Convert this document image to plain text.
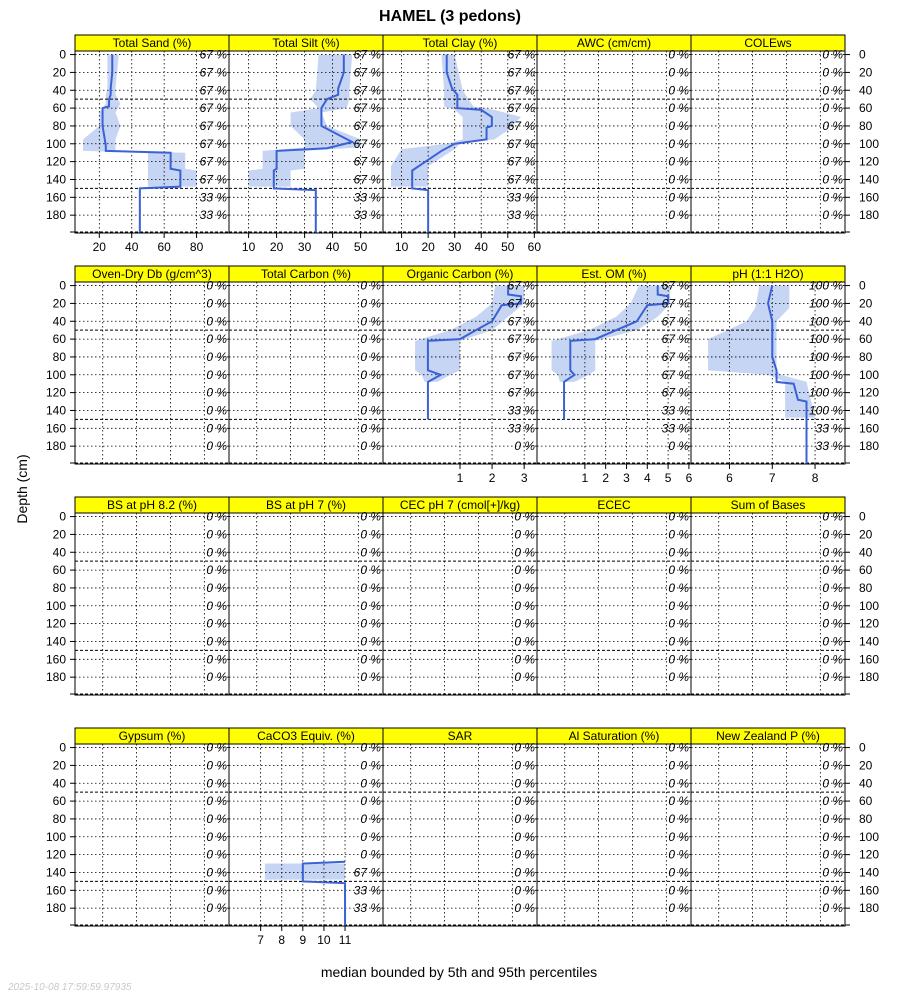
HAMEL (3 pedons)
Depth (cm)
median bounded by 5th and 95th percentiles
2025-10-08 17:59:59.97935
Total Sand (%)
67 %
67 %
67 %
67 %
67 %
67 %
67 %
67 %
33 %
33 %
20 40 60 80
0
20
40
60
80
100
120
140
160
180
Total Silt (%)
67 %
67 %
67 %
67 %
67 %
67 %
67 %
67 %
33 %
33 %
10 20 30 40 50
Total Clay (%)
67 %
67 %
67 %
67 %
67 %
67 %
67 %
67 %
33 %
33 %
10 20 30 40 50 60
AWC (cm/cm)
0 %
0 %
0 %
0 %
0 %
0 %
0 %
0 %
0 %
0 %
COLEws
0 %
0 %
0 %
0 %
0 %
0 %
0 %
0 %
0 %
0 %
0
20
40
60
80
100
120
140
160
180
Oven-Dry Db (g/cm^3)
0 %
0 %
0 %
0 %
0 %
0 %
0 %
0 %
0 %
0 %
0
20
40
60
80
100
120
140
160
180
Total Carbon (%)
0 %
0 %
0 %
0 %
0 %
0 %
0 %
0 %
0 %
0 %
Organic Carbon (%)
67 %
67 %
67 %
67 %
67 %
67 %
67 %
33 %
33 %
0 %
1 2 3
Est. OM (%)
67 %
67 %
67 %
67 %
67 %
67 %
67 %
33 %
33 %
0 %
1 2 3 4 5 6
pH (1:1 H2O)
100 %
100 %
100 %
100 %
100 %
100 %
100 %
100 %
33 %
33 %
6	7	8
0
20
40
60
80
100
120
140
160
180
BS at pH 8.2 (%)
0 %
0 %
0 %
0 %
0 %
0 %
0 %
0 %
0 %
0 %
0
20
40
60
80
100
120
140
160
180
BS at pH 7 (%)
0 %
0 %
0 %
0 %
0 %
0 %
0 %
0 %
0 %
0 %
CEC pH 7 (cmol[+]/kg)
0 %
0 %
0 %
0 %
0 %
0 %
0 %
0 %
0 %
0 %
ECEC
0 %
0 %
0 %
0 %
0 %
0 %
0 %
0 %
0 %
0 %
Sum of Bases
0 %
0 %
0 %
0 %
0 %
0 %
0 %
0 %
0 %
0 %
0
20
40
60
80
100
120
140
160
180
Gypsum (%)
0 %
0 %
0 %
0 %
0 %
0 %
0 %
0 %
0 %
0 %
0
20
40
60
80
100
120
140
160
180
CaCO3 Equiv. (%)
0 %
0 %
0 %
0 %
0 %
0 %
0 %
67 %
33 %
33 %
7 8 9 10 11
SAR
0 %
0 %
0 %
0 %
0 %
0 %
0 %
0 %
0 %
0 %
Al Saturation (%)
0 %
0 %
0 %
0 %
0 %
0 %
0 %
0 %
0 %
0 %
New Zealand P (%)
0 %
0 %
0 %
0 %
0 %
0 %
0 %
0 %
0 %
0 %
0
20
40
60
80
100
120
140
160
180
